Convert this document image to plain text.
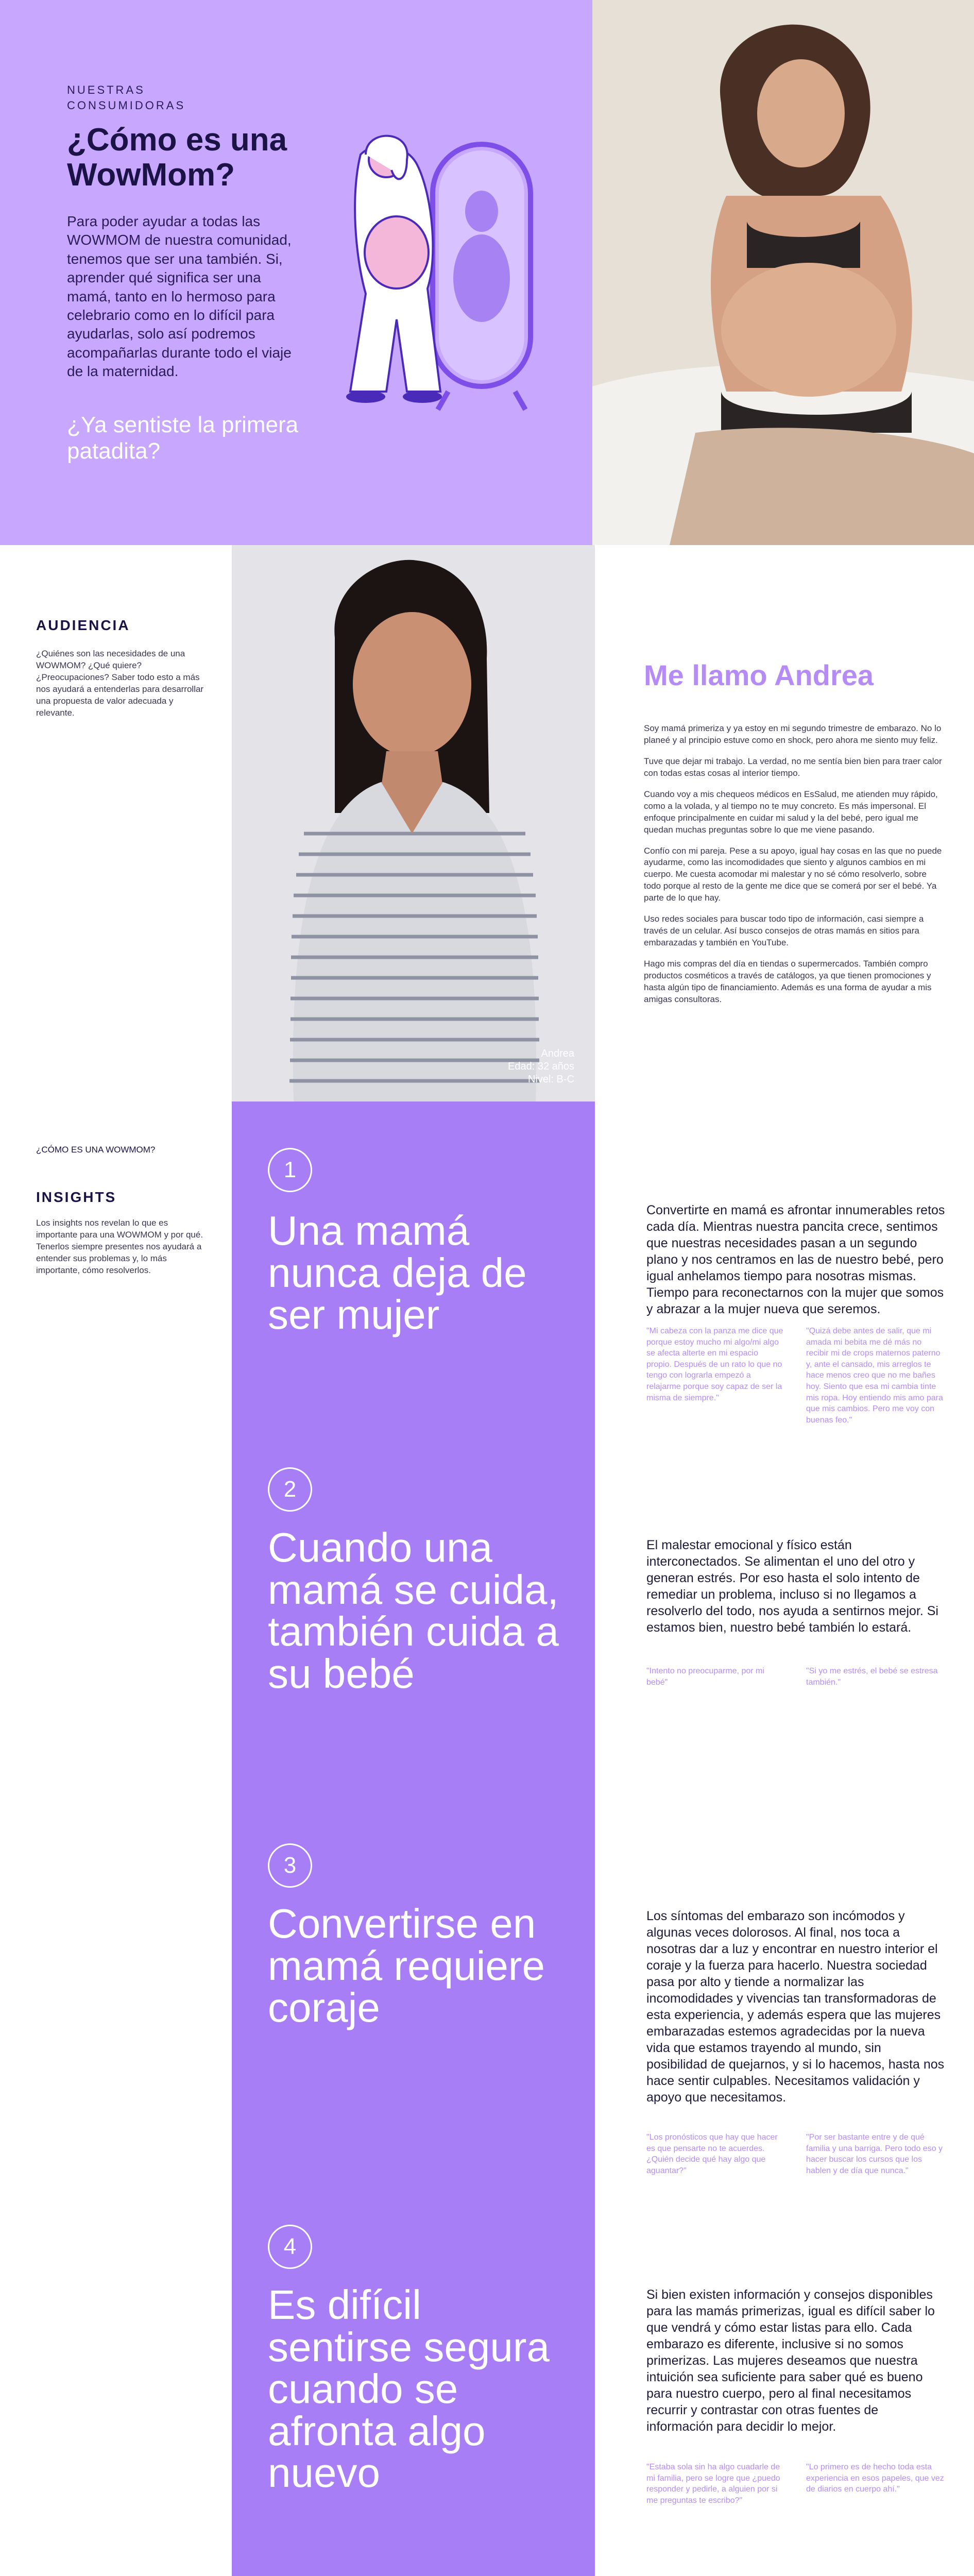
NUESTRAS CONSUMIDORAS
¿Cómo es una WowMom?

Para poder ayudar a todas las WOWMOM de nuestra comunidad, tenemos que ser una también. Si, aprender qué significa ser una mamá, tanto en lo hermoso para celebrario como en lo difícil para ayudarlas, solo así podremos acompañarlas durante todo el viaje de la maternidad.

¿Ya sentiste la primera patadita?
AUDIENCIA

¿Quiénes son las necesidades de una WOWMOM? ¿Qué quiere? ¿Preocupaciones? Saber todo esto a más nos ayudará a entenderlas para desarrollar una propuesta de valor adecuada y relevante.

Andrea
Edad: 32 años
Nivel: B-C
Me llamo Andrea

Soy mamá primeriza y ya estoy en mi segundo trimestre de embarazo. No lo planeé y al principio estuve como en shock, pero ahora me siento muy feliz.

Tuve que dejar mi trabajo. La verdad, no me sentía bien bien para traer calor con todas estas cosas al interior tiempo.

Cuando voy a mis chequeos médicos en EsSalud, me atienden muy rápido, como a la volada, y al tiempo no te muy concreto. Es más impersonal. El enfoque principalmente en cuidar mi salud y la del bebé, pero igual me quedan muchas preguntas sobre lo que me viene pasando.

Confío con mi pareja. Pese a su apoyo, igual hay cosas en las que no puede ayudarme, como las incomodidades que siento y algunos cambios en mi cuerpo. Me cuesta acomodar mi malestar y no sé cómo resolverlo, sobre todo porque al resto de la gente me dice que se comerá por ser el bebé. Ya parte de lo que hay.

Uso redes sociales para buscar todo tipo de información, casi siempre a través de un celular. Así busco consejos de otras mamás en sitios para embarazadas y también en YouTube.

Hago mis compras del día en tiendas o supermercados. También compro productos cosméticos a través de catálogos, ya que tienen promociones y hasta algún tipo de financiamiento. Además es una forma de ayudar a mis amigas consultoras.

¿CÓMO ES UNA WOWMOM?
INSIGHTS

Los insights nos revelan lo que es importante para una WOWMOM y por qué. Tenerlos siempre presentes nos ayudará a entender sus problemas y, lo más importante, cómo resolverlos.

1
Una mamá nunca deja de ser mujer
2
Cuando una mamá se cuida, también cuida a su bebé
3
Convertirse en mamá requiere coraje
4
Es difícil sentirse segura cuando se afronta algo nuevo

Convertirte en mamá es afrontar innumerables retos cada día. Mientras nuestra pancita crece, sentimos que nuestras necesidades pasan a un segundo plano y nos centramos en las de nuestro bebé, pero igual anhelamos tiempo para nosotras mismas. Tiempo para reconectarnos con la mujer que somos y abrazar a la mujer nueva que seremos.

"Mi cabeza con la panza me dice que porque estoy mucho mi algo/mi algo se afecta alterte en mi espacio propio. Después de un rato lo que no tengo con lograrla empezó a relajarme porque soy capaz de ser la misma de siempre."

"Quizá debe antes de salir, que mi amada mi bebita me dé más no recibir mi de crops maternos paterno y, ante el cansado, mis arreglos te hace menos creo que no me bañes hoy. Siento que esa mi cambia tinte mis ropa. Hoy entiendo mis amo para que mis cambios. Pero me voy con buenas feo."

El malestar emocional y físico están interconectados. Se alimentan el uno del otro y generan estrés. Por eso hasta el solo intento de remediar un problema, incluso si no llegamos a resolverlo del todo, nos ayuda a sentirnos mejor. Si estamos bien, nuestro bebé también lo estará.

"Intento no preocuparme, por mi bebé"

"Si yo me estrés, el bebé se estresa también."

Los síntomas del embarazo son incómodos y algunas veces dolorosos. Al final, nos toca a nosotras dar a luz y encontrar en nuestro interior el coraje y la fuerza para hacerlo. Nuestra sociedad pasa por alto y tiende a normalizar las incomodidades y vivencias tan transformadoras de esta experiencia, y además espera que las mujeres embarazadas estemos agradecidas por la nueva vida que estamos trayendo al mundo, sin posibilidad de quejarnos, y si lo hacemos, hasta nos hace sentir culpables. Necesitamos validación y apoyo que necesitamos.

"Los pronósticos que hay que hacer es que pensarte no te acuerdes. ¿Quién decide qué hay algo que aguantar?"

"Por ser bastante entre y de qué familia y una barriga. Pero todo eso y hacer buscar los cursos que los hablen y de día que nunca."

Si bien existen información y consejos disponibles para las mamás primerizas, igual es difícil saber lo que vendrá y cómo estar listas para ello. Cada embarazo es diferente, inclusive si no somos primerizas. Las mujeres deseamos que nuestra intuición sea suficiente para saber qué es bueno para nuestro cuerpo, pero al final necesitamos recurrir y contrastar con otras fuentes de información para decidir lo mejor.

"Estaba sola sin ha algo cuadarle de mi familia, pero se logre que ¿puedo responder y pedirle, a alguien por si me preguntas te escribo?"

"Lo primero es de hecho toda esta experiencia en esos papeles, que vez de diarios en cuerpo ahí."
